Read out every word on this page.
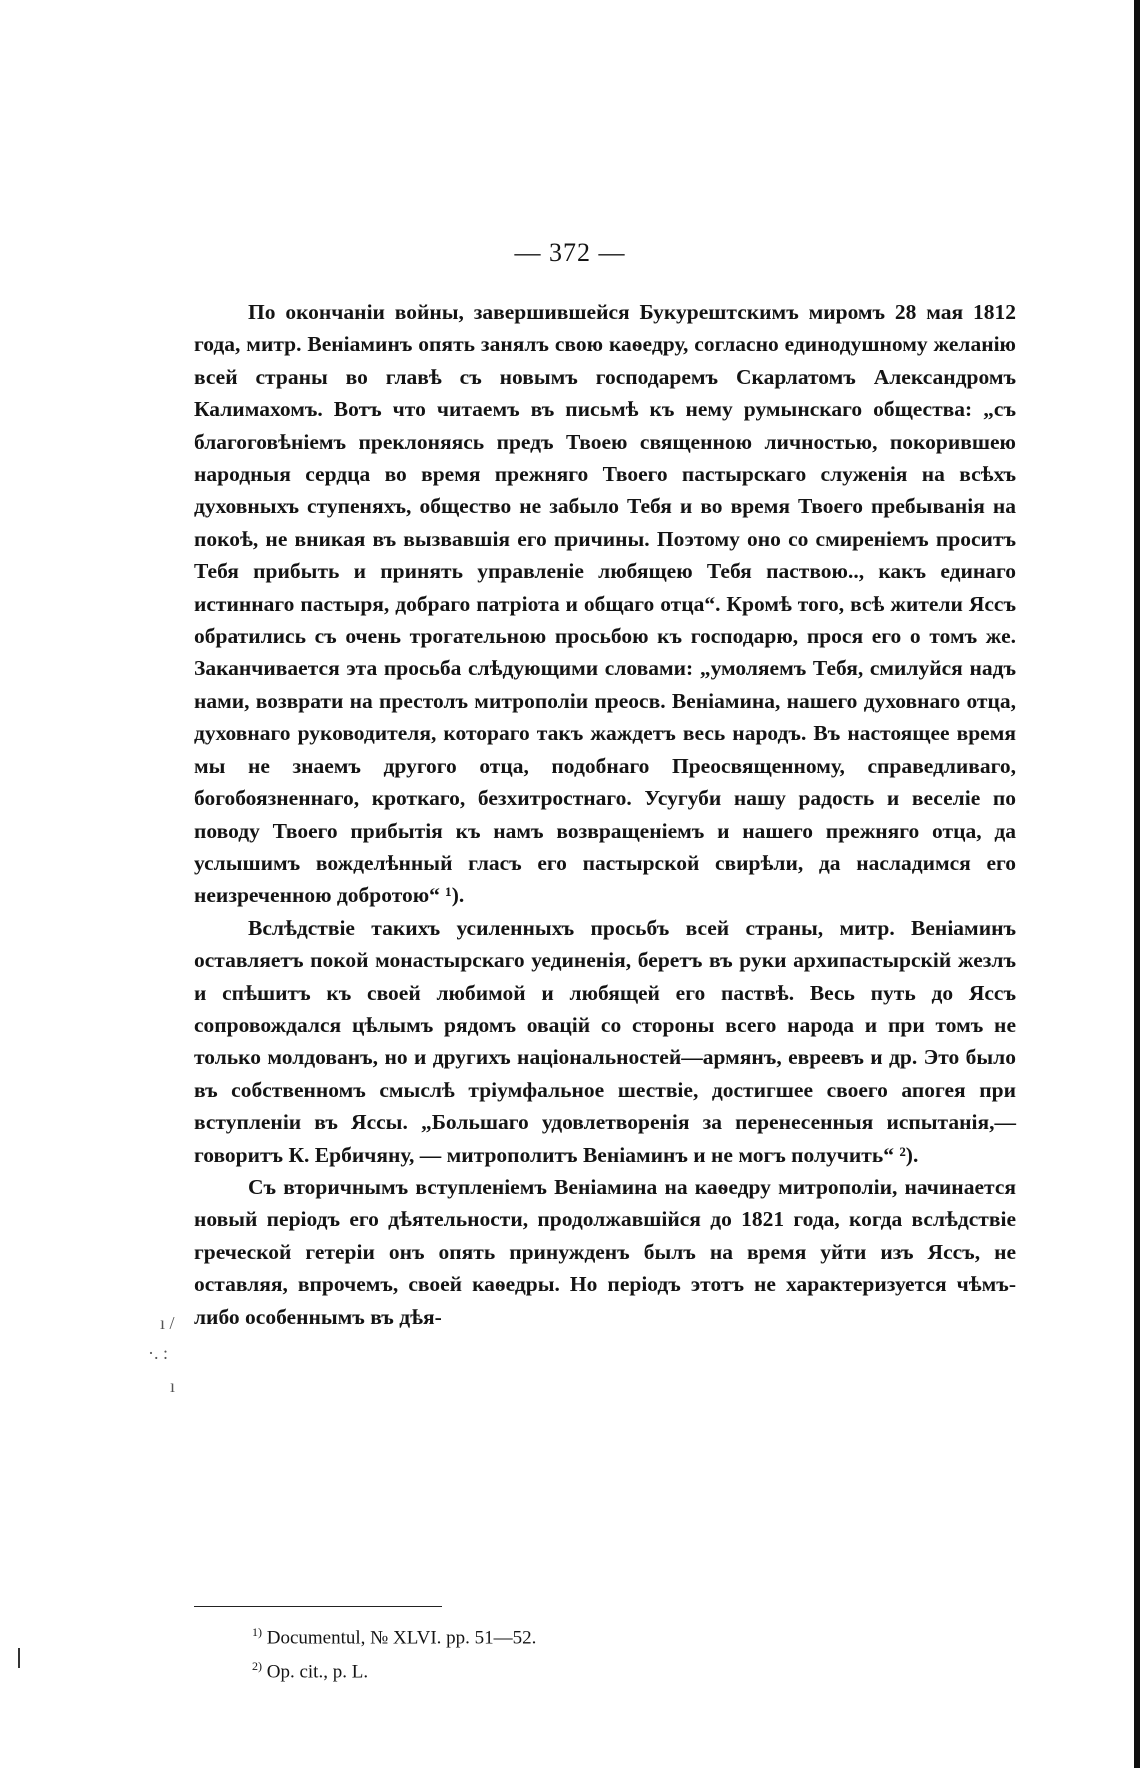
— 372 —

По окончаніи войны, завершившейся Букурештскимъ миромъ 28 мая 1812 года, митр. Веніаминъ опять занялъ свою каѳедру, согласно единодушному желанію всей страны во главѣ съ новымъ господаремъ Скарлатомъ Александромъ Калимахомъ. Вотъ что читаемъ въ письмѣ къ нему румынскаго общества: „съ благоговѣніемъ преклоняясь предъ Твоею священною личностью, покорившею народныя сердца во время прежняго Твоего пастырскаго служенія на всѣхъ духовныхъ ступеняхъ, общество не забыло Тебя и во время Твоего пребыванія на покоѣ, не вникая въ вызвавшія его причины. Поэтому оно со смиреніемъ проситъ Тебя прибыть и принять управленіе любящею Тебя паствою.., какъ единаго истиннаго пастыря, добраго патріота и общаго отца“. Кромѣ того, всѣ жители Яссъ обратились съ очень трогательною просьбою къ господарю, прося его о томъ же. Заканчивается эта просьба слѣдующими словами: „умоляемъ Тебя, смилуйся надъ нами, возврати на престолъ митрополіи преосв. Веніамина, нашего духовнаго отца, духовнаго руководителя, котораго такъ жаждетъ весь народъ. Въ настоящее время мы не знаемъ другого отца, подобнаго Преосвященному, справедливаго, богобоязненнаго, кроткаго, безхитростнаго. Усугуби нашу радость и веселіе по поводу Твоего прибытія къ намъ возвращеніемъ и нашего прежняго отца, да услышимъ вожделѣнный гласъ его пастырской свирѣли, да насладимся его неизреченною добротою“ ¹).

Вслѣдствіе такихъ усиленныхъ просьбъ всей страны, митр. Веніаминъ оставляетъ покой монастырскаго уединенія, беретъ въ руки архипастырскій жезлъ и спѣшитъ къ своей любимой и любящей его паствѣ. Весь путь до Яссъ сопровождался цѣлымъ рядомъ овацій со стороны всего народа и при томъ не только молдованъ, но и другихъ національностей—армянъ, евреевъ и др. Это было въ собственномъ смыслѣ тріумфальное шествіе, достигшее своего апогея при вступленіи въ Яссы. „Большаго удовлетворенія за перенесенныя испытанія,— говоритъ К. Ербичяну, — митрополитъ Веніаминъ и не могъ получить“ ²).

Съ вторичнымъ вступленіемъ Веніамина на каѳедру митрополіи, начинается новый періодъ его дѣятельности, продолжавшійся до 1821 года, когда вслѣдствіе греческой гетеріи онъ опять принужденъ былъ на время уйти изъ Яссъ, не оставляя, впрочемъ, своей каѳедры. Но періодъ этотъ не характеризуется чѣмъ-либо особеннымъ въ дѣя-

ı /
·. :
ı
$^{1)}$ Documentul, № XLVI. pp. 51—52.
$^{2)}$ Op. cit., p. L.
